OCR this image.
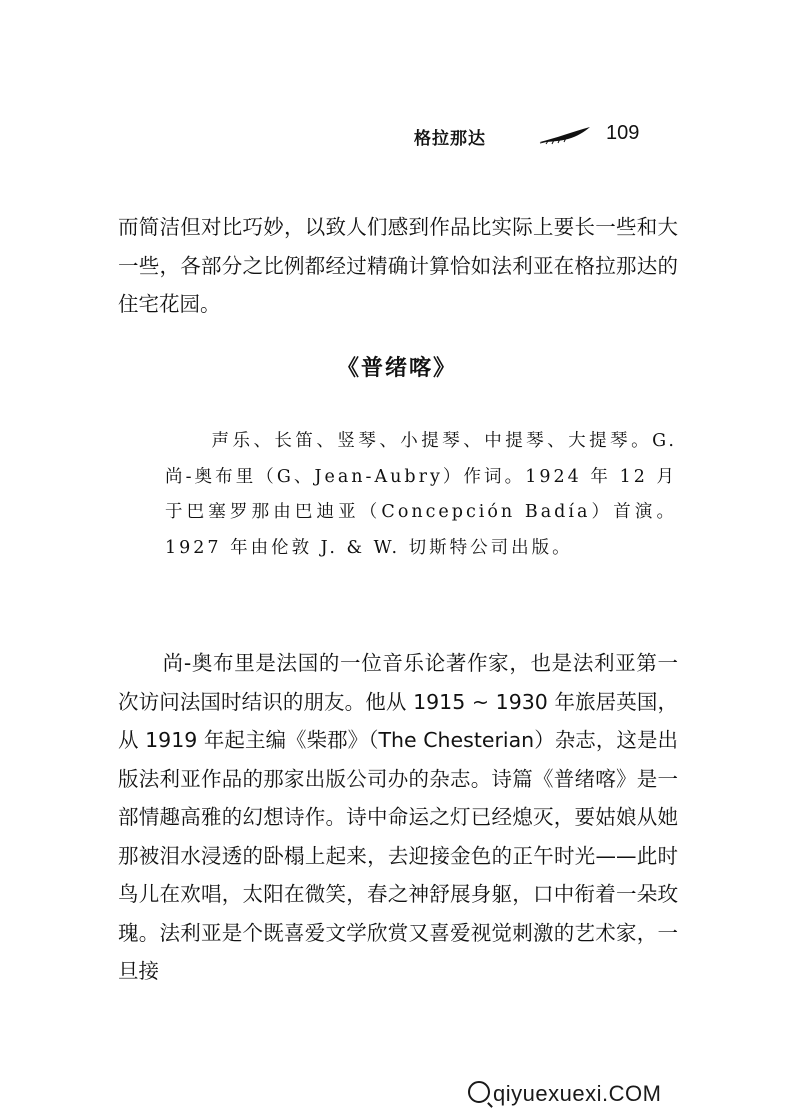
格拉那达	109

而简洁但对比巧妙，以致人们感到作品比实际上要长一些和大一些，各部分之比例都经过精确计算恰如法利亚在格拉那达的住宅花园。

《普绪喀》

声乐、长笛、竖琴、小提琴、中提琴、大提琴。G. 尚-奥布里（G、Jean-Aubry）作词。1924 年 12 月于巴塞罗那由巴迪亚（Concepción Badía）首演。1927 年由伦敦 J. & W. 切斯特公司出版。

尚-奥布里是法国的一位音乐论著作家，也是法利亚第一次访问法国时结识的朋友。他从 1915 ~ 1930 年旅居英国，从 1919 年起主编《柴郡》（The Chesterian）杂志，这是出版法利亚作品的那家出版公司办的杂志。诗篇《普绪喀》是一部情趣高雅的幻想诗作。诗中命运之灯已经熄灭，要姑娘从她那被泪水浸透的卧榻上起来，去迎接金色的正午时光——此时鸟儿在欢唱，太阳在微笑，春之神舒展身躯，口中衔着一朵玫瑰。法利亚是个既喜爱文学欣赏又喜爱视觉刺激的艺术家，一旦接

qiyuexuexi.COM
